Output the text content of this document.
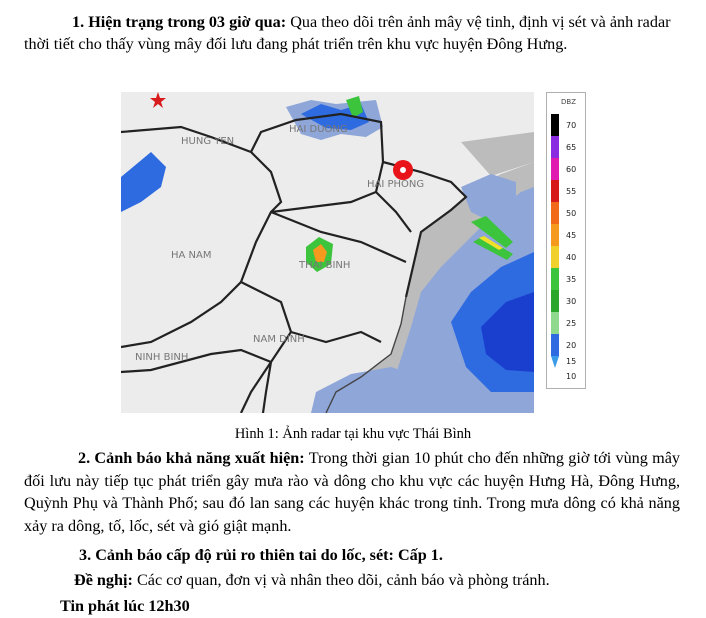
1. Hiện trạng trong 03 giờ qua: Qua theo dõi trên ảnh mây vệ tinh, định vị sét và ảnh radar thời tiết cho thấy vùng mây đối lưu đang phát triển trên khu vực huyện Đông Hưng.
HUNG YEN
HAI DUONG
HAI PHONG
HA NAM
THAI BINH
NAM DINH
NINH BINH
DBZ
70
65
60
55
50
45
40
35
30
25
20
15
10
Hình 1: Ảnh radar tại khu vực Thái Bình
2. Cảnh báo khả năng xuất hiện: Trong thời gian 10 phút cho đến những giờ tới vùng mây đối lưu này tiếp tục phát triển gây mưa rào và dông cho khu vực các huyện Hưng Hà, Đông Hưng, Quỳnh Phụ và Thành Phố; sau đó lan sang các huyện khác trong tỉnh. Trong mưa dông có khả năng xảy ra dông, tố, lốc, sét và gió giật mạnh.
3. Cảnh báo cấp độ rủi ro thiên tai do lốc, sét: Cấp 1.
Đề nghị: Các cơ quan, đơn vị và nhân theo dõi, cảnh báo và phòng tránh.
Tin phát lúc 12h30
